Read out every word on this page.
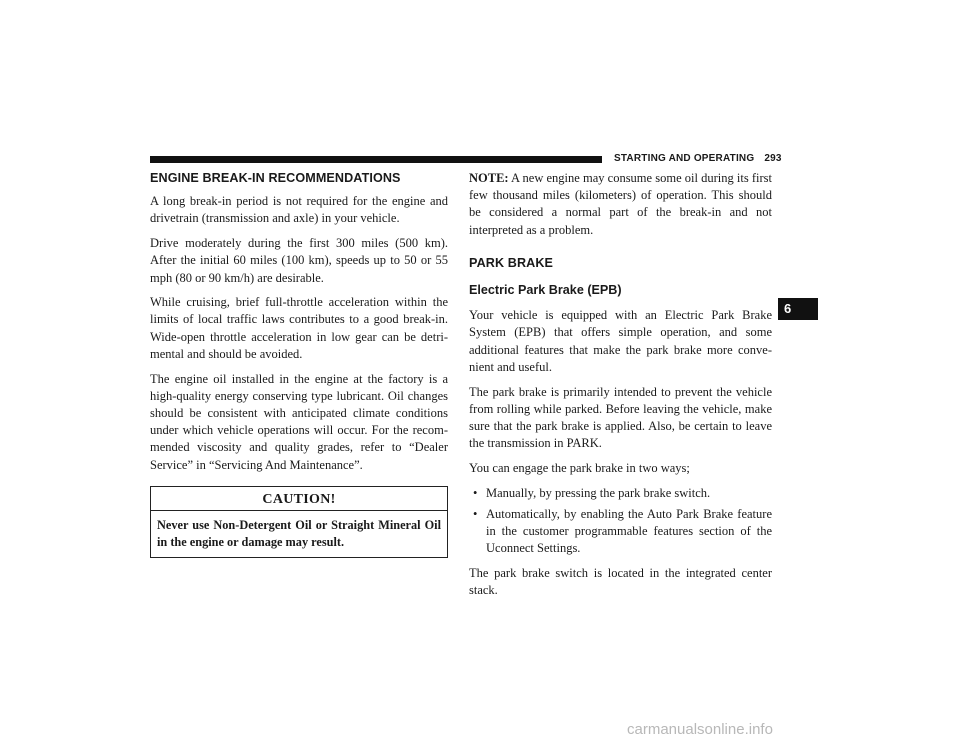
STARTING AND OPERATING 293
6
ENGINE BREAK-IN RECOMMENDATIONS

A long break-in period is not required for the engine and drivetrain (transmission and axle) in your vehicle.

Drive moderately during the first 300 miles (500 km). After the initial 60 miles (100 km), speeds up to 50 or 55 mph (80 or 90 km/h) are desirable.

While cruising, brief full-throttle acceleration within the limits of local traffic laws contributes to a good break-in. Wide-open throttle acceleration in low gear can be detri-mental and should be avoided.

The engine oil installed in the engine at the factory is a high-quality energy conserving type lubricant. Oil changes should be consistent with anticipated climate conditions under which vehicle operations will occur. For the recom-mended viscosity and quality grades, refer to “Dealer Service” in “Servicing And Maintenance”.

CAUTION!
Never use Non-Detergent Oil or Straight Mineral Oil in the engine or damage may result.

NOTE: A new engine may consume some oil during its first few thousand miles (kilometers) of operation. This should be considered a normal part of the break-in and not interpreted as a problem.

PARK BRAKE
Electric Park Brake (EPB)

Your vehicle is equipped with an Electric Park Brake System (EPB) that offers simple operation, and some additional features that make the park brake more conve-nient and useful.

The park brake is primarily intended to prevent the vehicle from rolling while parked. Before leaving the vehicle, make sure that the park brake is applied. Also, be certain to leave the transmission in PARK.

You can engage the park brake in two ways;

• Manually, by pressing the park brake switch.
• Automatically, by enabling the Auto Park Brake feature in the customer programmable features section of the Uconnect Settings.

The park brake switch is located in the integrated center stack.

carmanualsonline.info
